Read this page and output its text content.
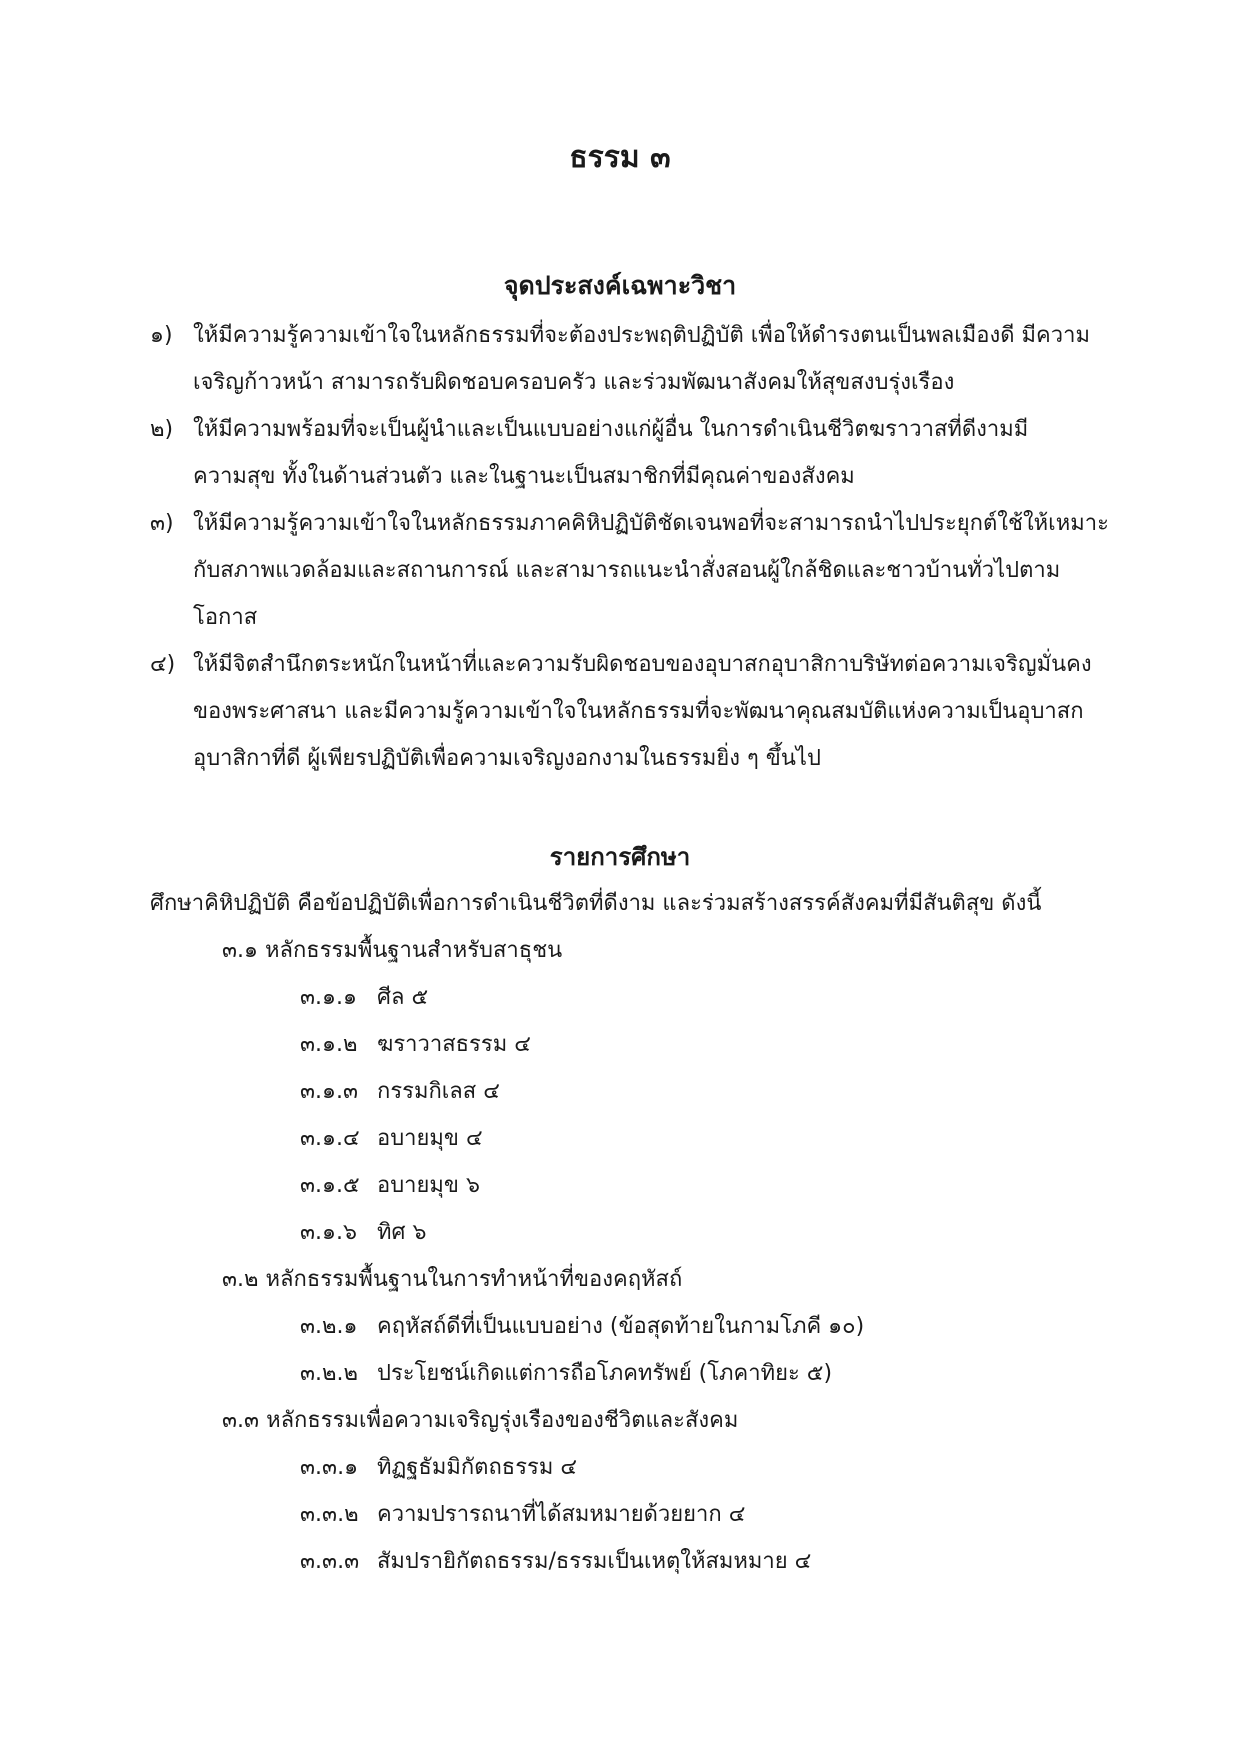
ธรรม ๓
จุดประสงค์เฉพาะวิชา
๑) ให้มีความรู้ความเข้าใจในหลักธรรมที่จะต้องประพฤติปฏิบัติ เพื่อให้ดำรงตนเป็นพลเมืองดี มีความ
เจริญก้าวหน้า สามารถรับผิดชอบครอบครัว และร่วมพัฒนาสังคมให้สุขสงบรุ่งเรือง
๒) ให้มีความพร้อมที่จะเป็นผู้นำและเป็นแบบอย่างแก่ผู้อื่น ในการดำเนินชีวิตฆราวาสที่ดีงามมี
ความสุข ทั้งในด้านส่วนตัว และในฐานะเป็นสมาชิกที่มีคุณค่าของสังคม
๓) ให้มีความรู้ความเข้าใจในหลักธรรมภาคคิหิปฏิบัติชัดเจนพอที่จะสามารถนำไปประยุกต์ใช้ให้เหมาะ
กับสภาพแวดล้อมและสถานการณ์ และสามารถแนะนำสั่งสอนผู้ใกล้ชิดและชาวบ้านทั่วไปตาม
โอกาส
๔) ให้มีจิตสำนึกตระหนักในหน้าที่และความรับผิดชอบของอุบาสกอุบาสิกาบริษัทต่อความเจริญมั่นคง
ของพระศาสนา และมีความรู้ความเข้าใจในหลักธรรมที่จะพัฒนาคุณสมบัติแห่งความเป็นอุบาสก
อุบาสิกาที่ดี ผู้เพียรปฏิบัติเพื่อความเจริญงอกงามในธรรมยิ่ง ๆ ขึ้นไป
รายการศึกษา
ศึกษาคิหิปฏิบัติ คือข้อปฏิบัติเพื่อการดำเนินชีวิตที่ดีงาม และร่วมสร้างสรรค์สังคมที่มีสันติสุข ดังนี้
๓.๑ หลักธรรมพื้นฐานสำหรับสาธุชน
๓.๑.๑ ศีล ๕
๓.๑.๒ ฆราวาสธรรม ๔
๓.๑.๓ กรรมกิเลส ๔
๓.๑.๔ อบายมุข ๔
๓.๑.๕ อบายมุข ๖
๓.๑.๖ ทิศ ๖
๓.๒ หลักธรรมพื้นฐานในการทำหน้าที่ของคฤหัสถ์
๓.๒.๑ คฤหัสถ์ดีที่เป็นแบบอย่าง (ข้อสุดท้ายในกามโภคี ๑๐)
๓.๒.๒ ประโยชน์เกิดแต่การถือโภคทรัพย์ (โภคาทิยะ ๕)
๓.๓ หลักธรรมเพื่อความเจริญรุ่งเรืองของชีวิตและสังคม
๓.๓.๑ ทิฏฐธัมมิกัตถธรรม ๔
๓.๓.๒ ความปรารถนาที่ได้สมหมายด้วยยาก ๔
๓.๓.๓ สัมปรายิกัตถธรรม/ธรรมเป็นเหตุให้สมหมาย ๔
